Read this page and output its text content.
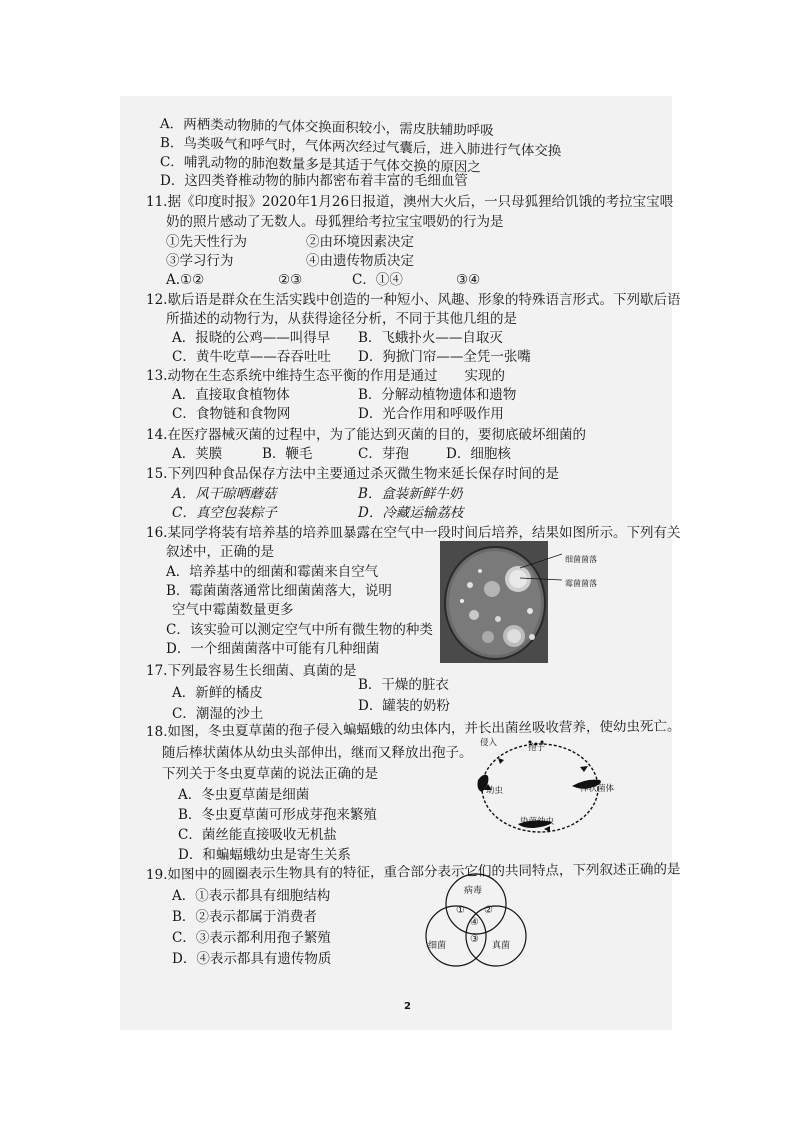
A．两栖类动物肺的气体交换面积较小，需皮肤辅助呼吸
B．鸟类吸气和呼气时，气体两次经过气囊后，进入肺进行气体交换
C．哺乳动物的肺泡数量多是其适于气体交换的原因之
D．这四类脊椎动物的肺内都密布着丰富的毛细血管
11.据《印度时报》2020年1月26日报道，澳州大火后，一只母狐狸给饥饿的考拉宝宝喂
奶的照片感动了无数人。母狐狸给考拉宝宝喂奶的行为是
①先天性行为	②由环境因素决定
③学习行为	④由遗传物质决定
A.①②	②③	C．①④	③④
12.歇后语是群众在生活实践中创造的一种短小、风趣、形象的特殊语言形式。下列歇后语
所描述的动物行为，从获得途径分析，不同于其他几组的是
A．报晓的公鸡——叫得早 B．飞蛾扑火——自取灭
C．黄牛吃草——吞吞吐吐 D．狗掀门帘——全凭一张嘴
13.动物在生态系统中维持生态平衡的作用是通过　　实现的
A．直接取食植物体	B．分解动植物遗体和遗物
C．食物链和食物网	D．光合作用和呼吸作用
14.在医疗器械灭菌的过程中，为了能达到灭菌的目的，要彻底破坏细菌的
A．荚膜	B．鞭毛	C．芽孢	D．细胞核
15.下列四种食品保存方法中主要通过杀灭微生物来延长保存时间的是
A．风干晾晒蘑菇	B．盒装新鲜牛奶
C．真空包装粽子	D．冷藏运输荔枝
16.某同学将装有培养基的培养皿暴露在空气中一段时间后培养，结果如图所示。下列有关
叙述中，正确的是
A．培养基中的细菌和霉菌来自空气
B．霉菌菌落通常比细菌菌落大，说明
空气中霉菌数量更多
C．该实验可以测定空气中所有微生物的种类
D．一个细菌菌落中可能有几种细菌
细菌菌落
霉菌菌落
17.下列最容易生长细菌、真菌的是
A．新鲜的橘皮	B．干燥的脏衣
C．潮湿的沙土	D．罐装的奶粉
18.如图，冬虫夏草菌的孢子侵入蝙蝠蛾的幼虫体内，并长出菌丝吸收营养，使幼虫死亡。
随后棒状菌体从幼虫头部伸出，继而又释放出孢子。
下列关于冬虫夏草菌的说法正确的是
A．冬虫夏草菌是细菌
B．冬虫夏草菌可形成芽孢来繁殖
C．菌丝能直接吸收无机盐
D．和蝙蝠蛾幼虫是寄生关系
侵入	孢子
幼虫	棒状菌体
染菌幼虫
19.如图中的圆圈表示生物具有的特征，重合部分表示它们的共同特点，下列叙述正确的是
A．①表示都具有细胞结构
B．②表示都属于消费者
C．③表示都利用孢子繁殖
D．④表示都具有遗传物质
病毒
细菌	真菌
① ②
④
③
2
